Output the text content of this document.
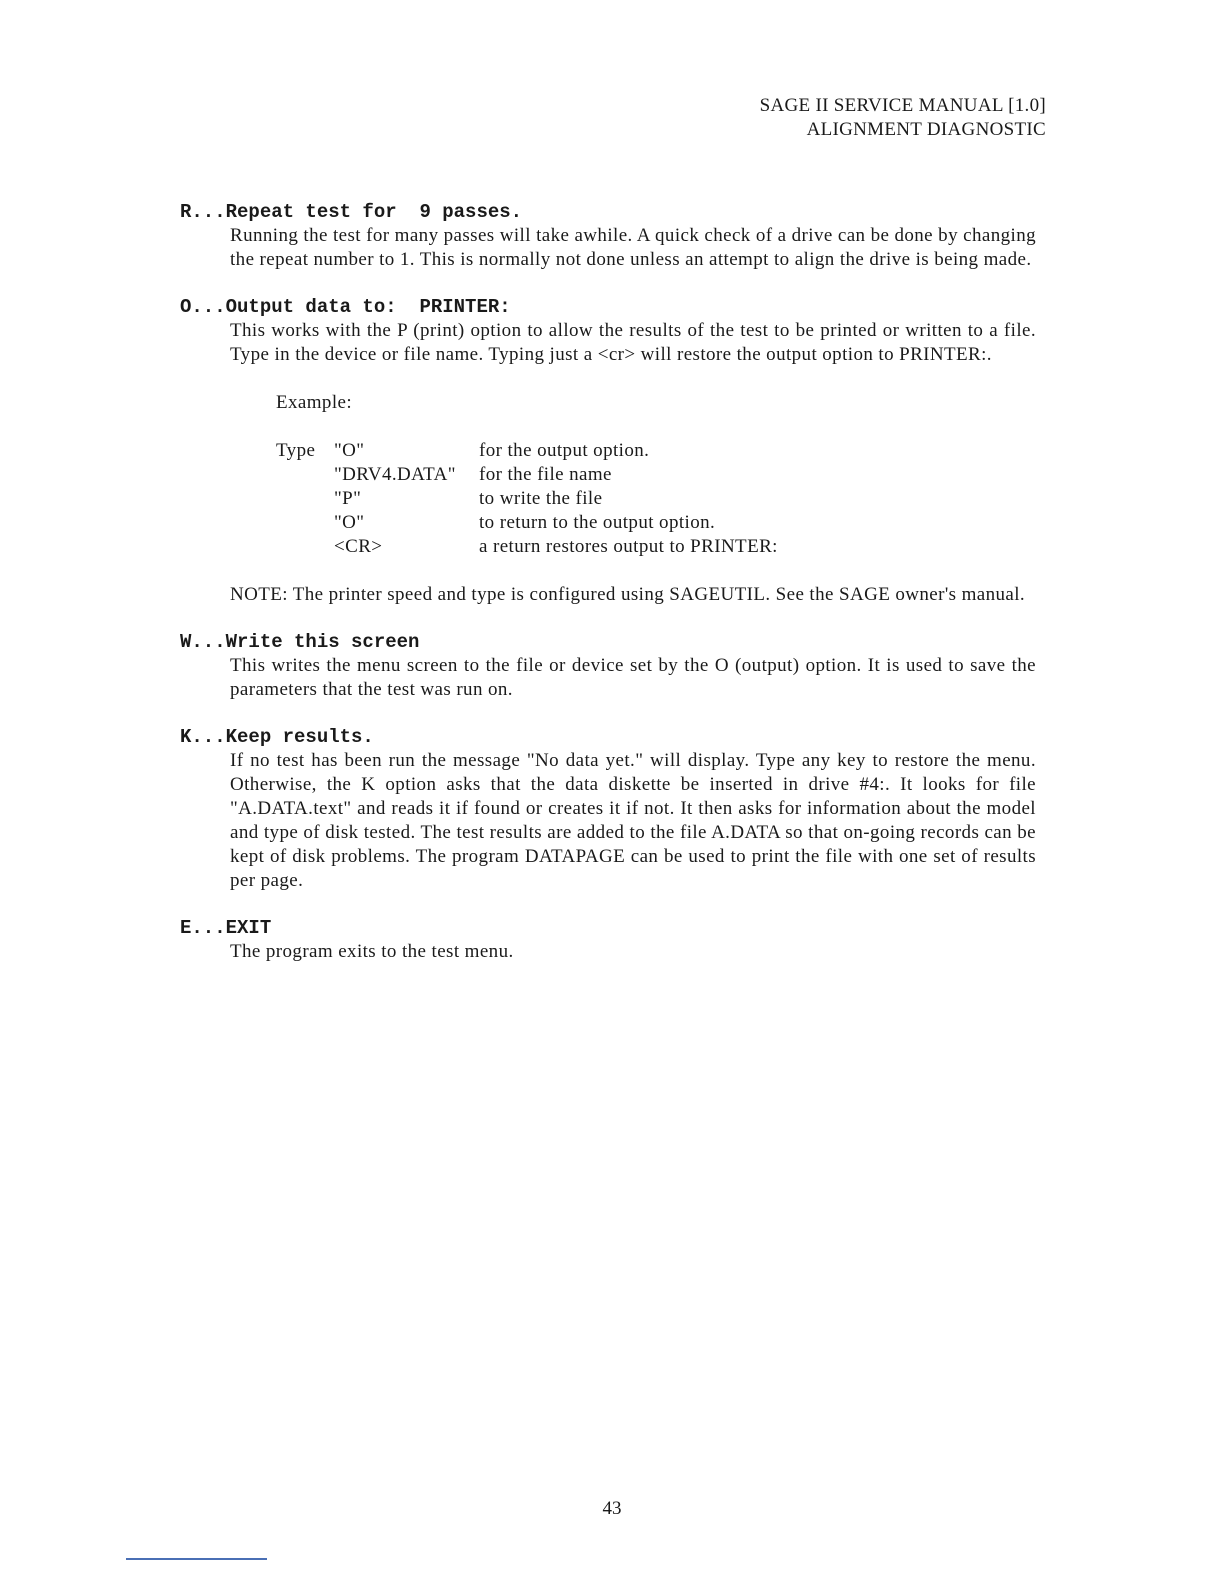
SAGE II SERVICE MANUAL [1.0]
ALIGNMENT DIAGNOSTIC
R...Repeat test for  9 passes.
Running the test for many passes will take awhile. A quick check of a drive can be done by changing the repeat number to 1. This is normally not done unless an attempt to align the drive is being made.
O...Output data to:  PRINTER:
This works with the P (print) option to allow the results of the test to be printed or written to a file. Type in the device or file name. Typing just a <cr> will restore the output option to PRINTER:.
Example:
Type "O"	for the output option.
"DRV4.DATA"	for the file name
"P"	to write the file
"O"	to return to the output option.
<CR>	a return restores output to PRINTER:
NOTE: The printer speed and type is configured using SAGEUTIL. See the SAGE owner's manual.
W...Write this screen
This writes the menu screen to the file or device set by the O (output) option. It is used to save the parameters that the test was run on.
K...Keep results.
If no test has been run the message "No data yet." will display. Type any key to restore the menu. Otherwise, the K option asks that the data diskette be inserted in drive #4:. It looks for file "A.DATA.text" and reads it if found or creates it if not. It then asks for information about the model and type of disk tested. The test results are added to the file A.DATA so that on-going records can be kept of disk problems. The program DATAPAGE can be used to print the file with one set of results per page.
E...EXIT
The program exits to the test menu.
43
